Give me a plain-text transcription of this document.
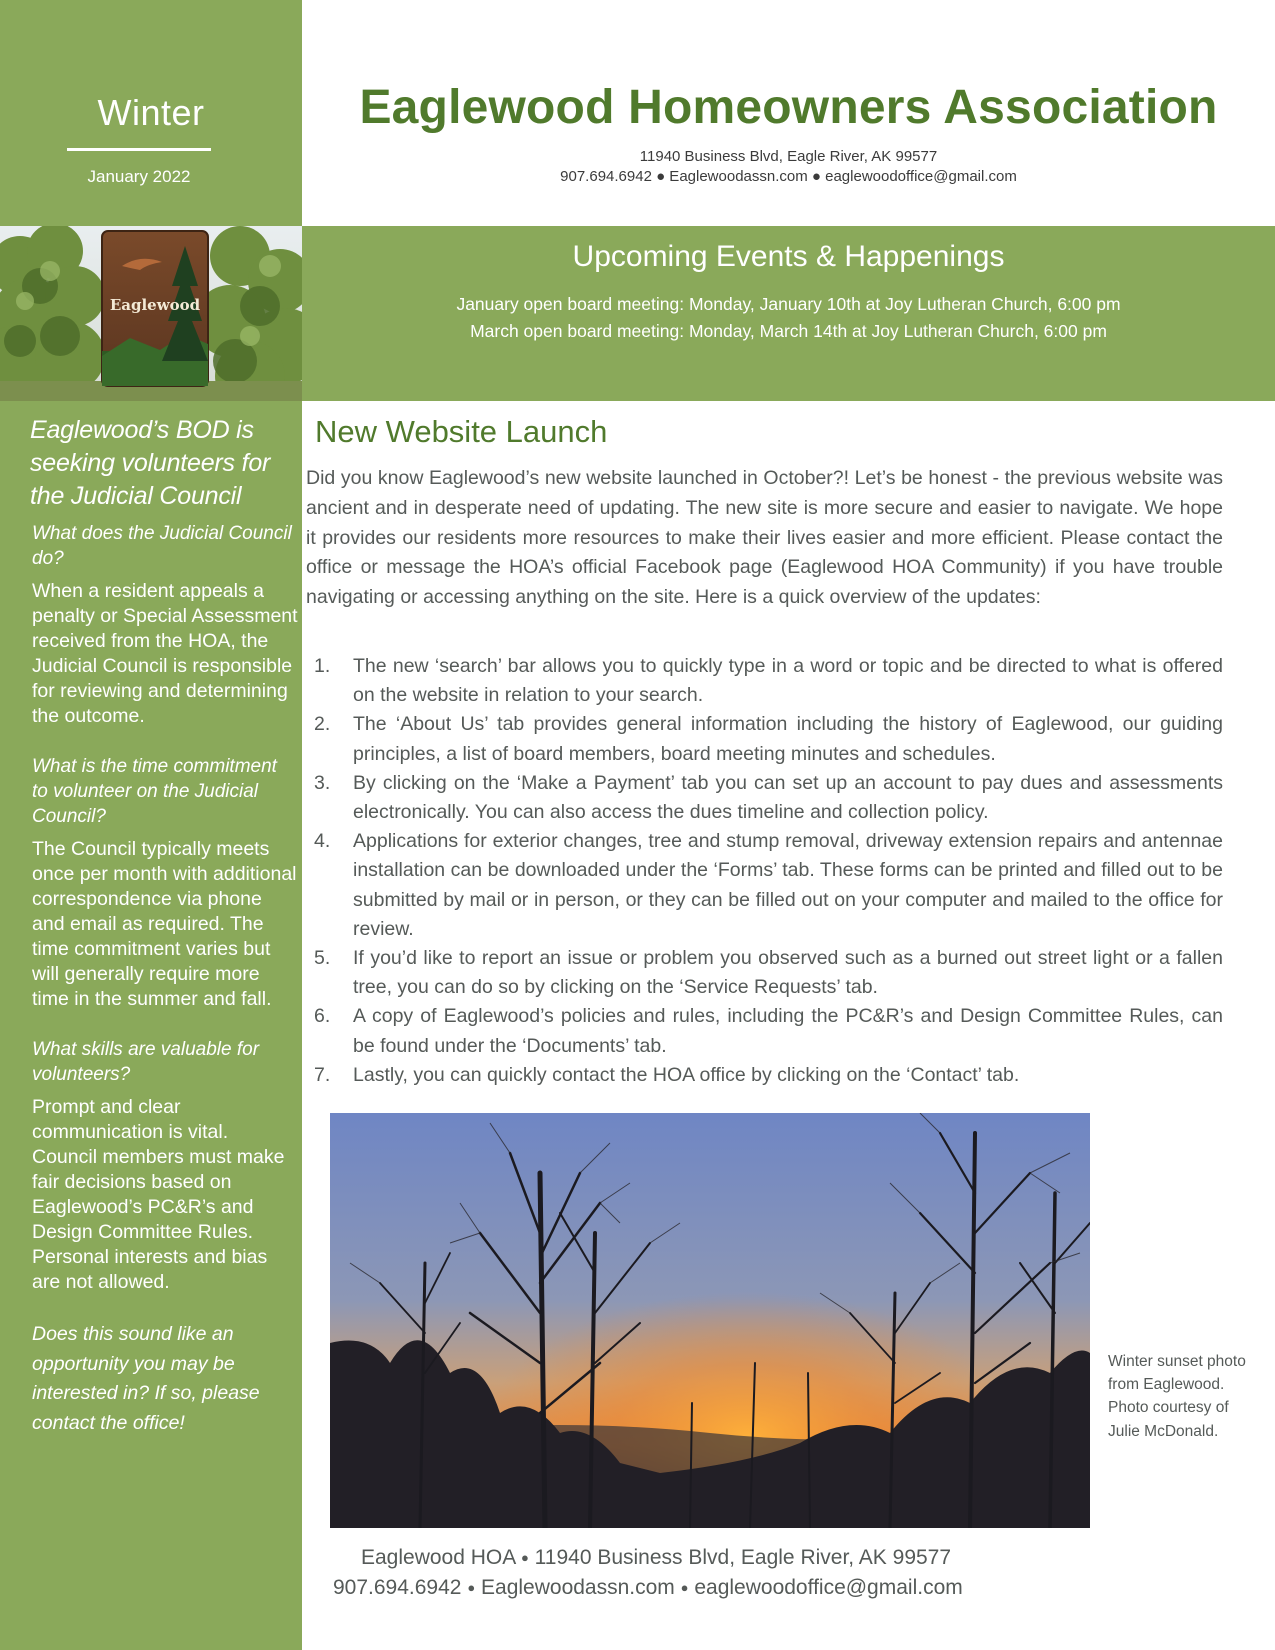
Winter
January 2022
Eaglewood
Eaglewood’s BOD is seeking volunteers for the Judicial Council
What does the Judicial Council do?
When a resident appeals a penalty or Special Assessment received from the HOA, the Judicial Council is responsible for reviewing and determining the outcome.
What is the time commitment to volunteer on the Judicial Council?
The Council typically meets once per month with additional correspondence via phone and email as required. The time commitment varies but will generally require more time in the summer and fall.
What skills are valuable for volunteers?
Prompt and clear communication is vital. Council members must make fair decisions based on Eaglewood’s PC&R’s and Design Committee Rules. Personal interests and bias are not allowed.
Does this sound like an opportunity you may be interested in? If so, please contact the office!
Eaglewood Homeowners Association
11940 Business Blvd, Eagle River, AK 99577
907.694.6942 ● Eaglewoodassn.com ● eaglewoodoffice@gmail.com
Upcoming Events & Happenings
January open board meeting: Monday, January 10th at Joy Lutheran Church, 6:00 pm
March open board meeting: Monday, March 14th at Joy Lutheran Church, 6:00 pm
New Website Launch
Did you know Eaglewood’s new website launched in October?! Let’s be honest - the previous website was ancient and in desperate need of updating. The new site is more secure and easier to navigate. We hope it provides our residents more resources to make their lives easier and more efficient. Please contact the office or message the HOA’s official Facebook page (Eaglewood HOA Community) if you have trouble navigating or accessing anything on the site. Here is a quick overview of the updates:
1. The new ‘search’ bar allows you to quickly type in a word or topic and be directed to what is offered on the website in relation to your search.
2. The ‘About Us’ tab provides general information including the history of Eaglewood, our guiding principles, a list of board members, board meeting minutes and schedules.
3. By clicking on the ‘Make a Payment’ tab you can set up an account to pay dues and assessments electronically. You can also access the dues timeline and collection policy.
4. Applications for exterior changes, tree and stump removal, driveway extension repairs and antennae installation can be downloaded under the ‘Forms’ tab. These forms can be printed and filled out to be submitted by mail or in person, or they can be filled out on your computer and mailed to the office for review.
5. If you’d like to report an issue or problem you observed such as a burned out street light or a fallen tree, you can do so by clicking on the ‘Service Requests’ tab.
6. A copy of Eaglewood’s policies and rules, including the PC&R’s and Design Committee Rules, can be found under the ‘Documents’ tab.
7. Lastly, you can quickly contact the HOA office by clicking on the ‘Contact’ tab.
Winter sunset photo from Eaglewood. Photo courtesy of Julie McDonald.
Eaglewood HOA ● 11940 Business Blvd, Eagle River, AK 99577
907.694.6942 ● Eaglewoodassn.com ● eaglewoodoffice@gmail.com
